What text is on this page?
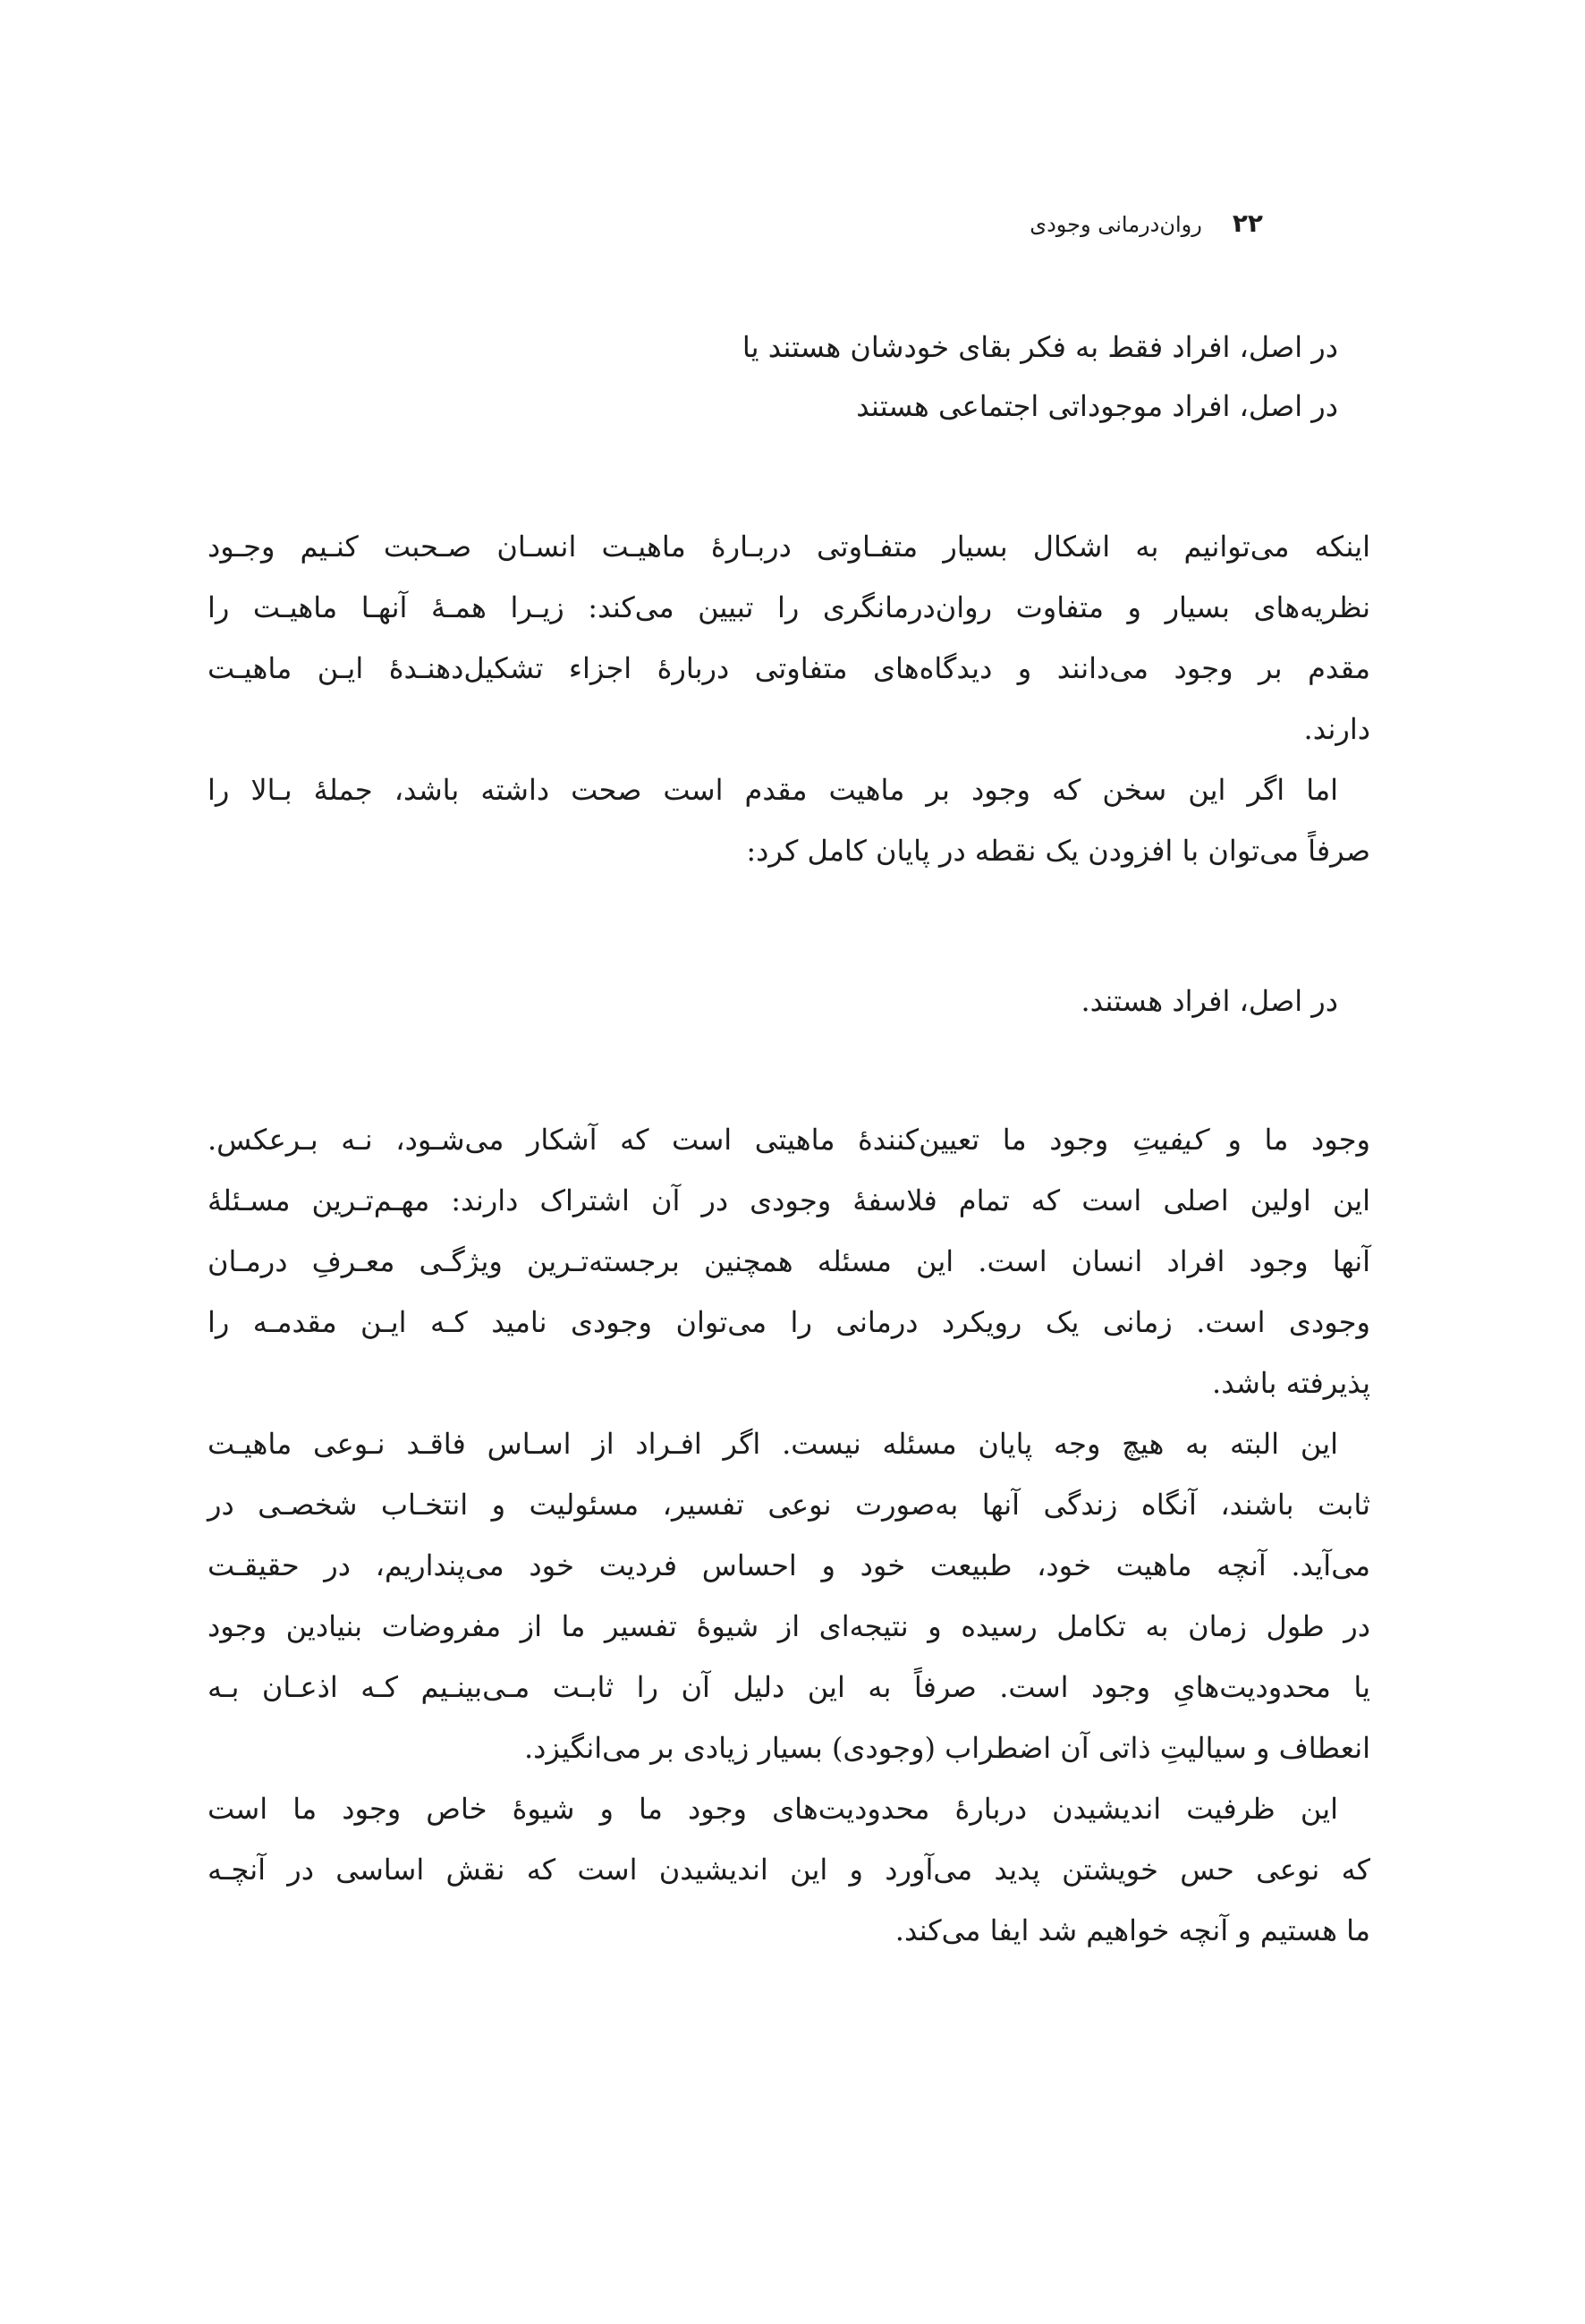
۲۲
روان‌درمانی وجودی
در اصل، افراد فقط به فکر بقای خودشان هستند یا
در اصل، افراد موجوداتی اجتماعی هستند
اینکه می‌توانیم به اشکال بسیار متفـاوتی دربـارهٔ ماهیـت انسـان صـحبت کنـیم وجـود
نظریه‌های بسیار و متفاوت روان‌درمانگری را تبیین می‌کند: زیـرا همـهٔ آنهـا ماهیـت را
مقدم بر وجود می‌دانند و دیدگاه‌های متفاوتی دربارهٔ اجزاء تشکیل‌دهنـدهٔ ایـن ماهیـت
دارند.
اما اگر این سخن که وجود بر ماهیت مقدم است صحت داشته باشد، جملهٔ بـالا را
صرفاً می‌توان با افزودن یک نقطه در پایان کامل کرد:
در اصل، افراد هستند.
وجود ما و کیفیتِ وجود ما تعیین‌کنندهٔ ماهیتی است که آشکار می‌شـود، نـه بـرعکس.
این اولین اصلی است که تمام فلاسفهٔ وجودی در آن اشتراک دارند: مهـم‌تـرین مسـئلهٔ
آنها وجود افراد انسان است. این مسئله همچنین برجسته‌تـرین ویژگـی معـرفِ درمـان
وجودی است. زمانی یک رویکرد درمانی را می‌توان وجودی نامید کـه ایـن مقدمـه را
پذیرفته باشد.
این البته به هیچ وجه پایان مسئله نیست. اگر افـراد از اسـاس فاقـد نـوعی ماهیـت
ثابت باشند، آنگاه زندگی آنها به‌صورت نوعی تفسیر، مسئولیت و انتخـاب شخصـی در
می‌آید. آنچه ماهیت خود، طبیعت خود و احساس فردیت خود می‌پنداریم، در حقیقـت
در طول زمان به تکامل رسیده و نتیجه‌ای از شیوهٔ تفسیر ما از مفروضات بنیادین وجود
یا محدودیت‌هایِ وجود است. صرفاً به این دلیل آن را ثابـت مـی‌بینـیم کـه اذعـان بـه
انعطاف و سیالیتِ ذاتی آن اضطراب (وجودی) بسیار زیادی بر می‌انگیزد.
این ظرفیت اندیشیدن دربارهٔ محدودیت‌های وجود ما و شیوهٔ خاص وجود ما است
که نوعی حس خویشتن پدید می‌آورد و این اندیشیدن است که نقش اساسی در آنچـه
ما هستیم و آنچه خواهیم شد ایفا می‌کند.
